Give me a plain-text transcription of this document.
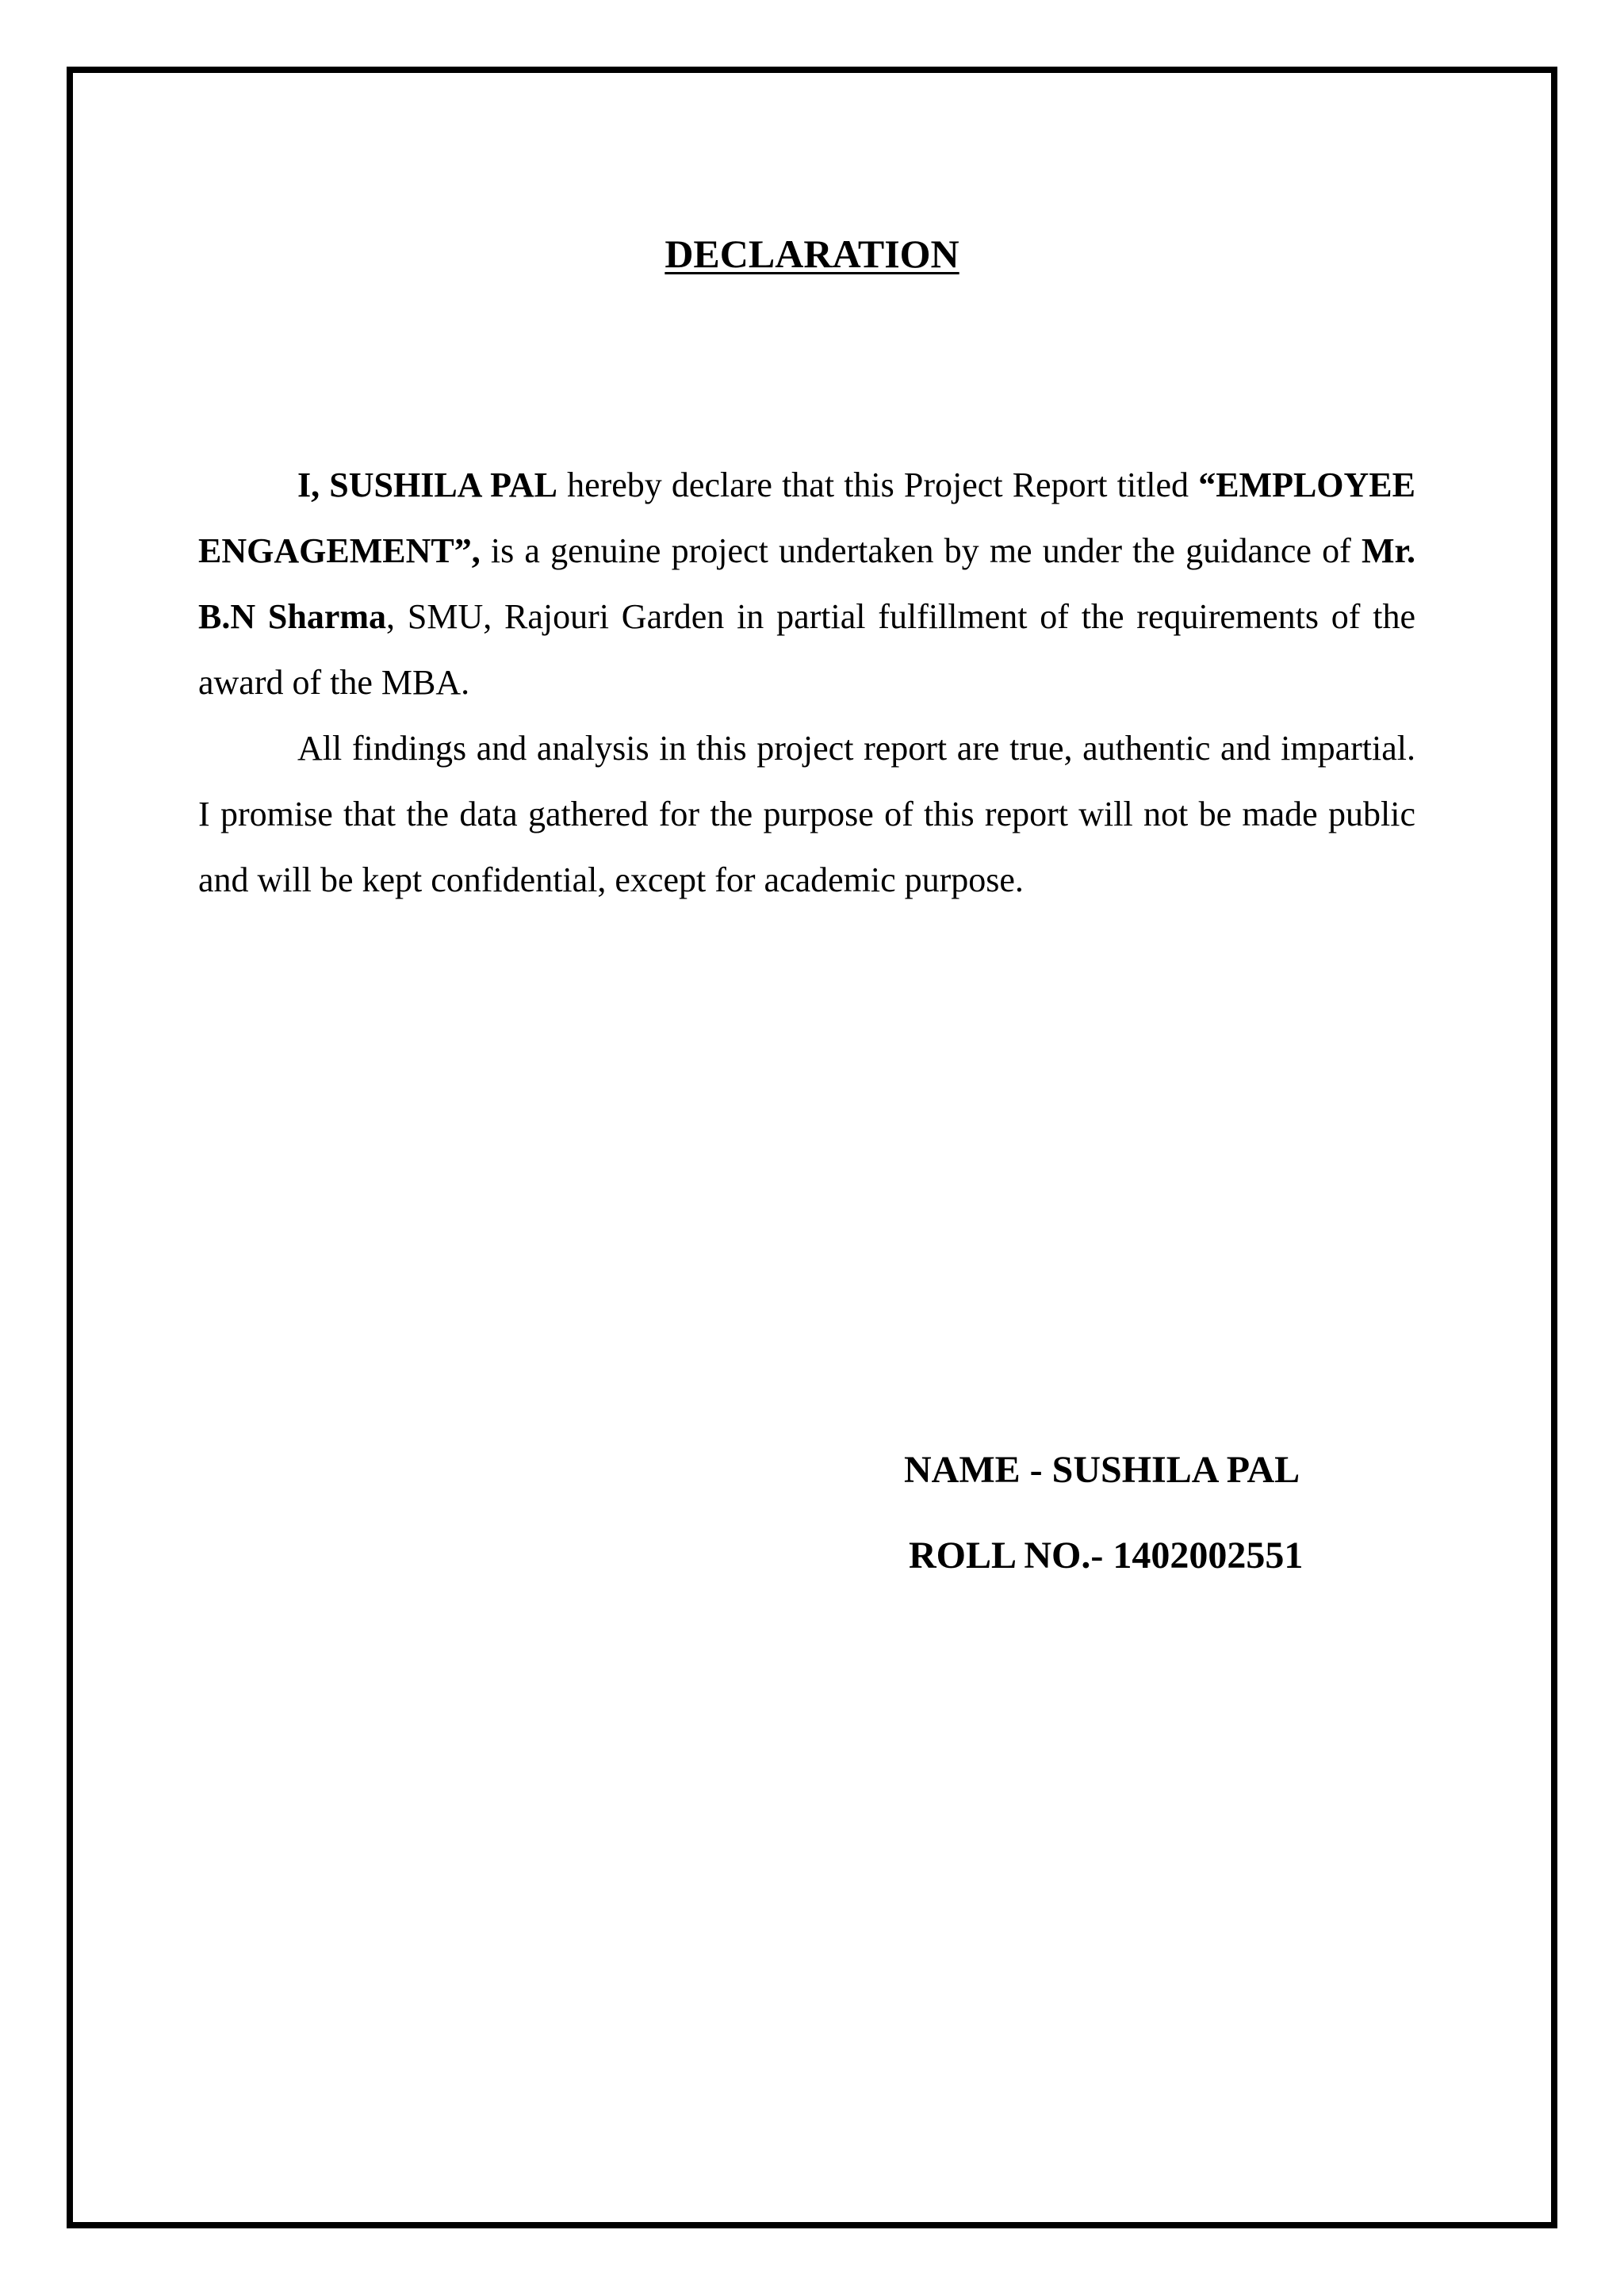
DECLARATION

I, SUSHILA PAL hereby declare that this Project Report titled “EMPLOYEE ENGAGEMENT”, is a genuine project undertaken by me under the guidance of Mr. B.N Sharma, SMU, Rajouri Garden in partial fulfillment of the requirements of the award of the MBA.

All findings and analysis in this project report are true, authentic and impartial. I promise that the data gathered for the purpose of this report will not be made public and will be kept confidential, except for academic purpose.

NAME - SUSHILA PAL
ROLL NO.- 1402002551
